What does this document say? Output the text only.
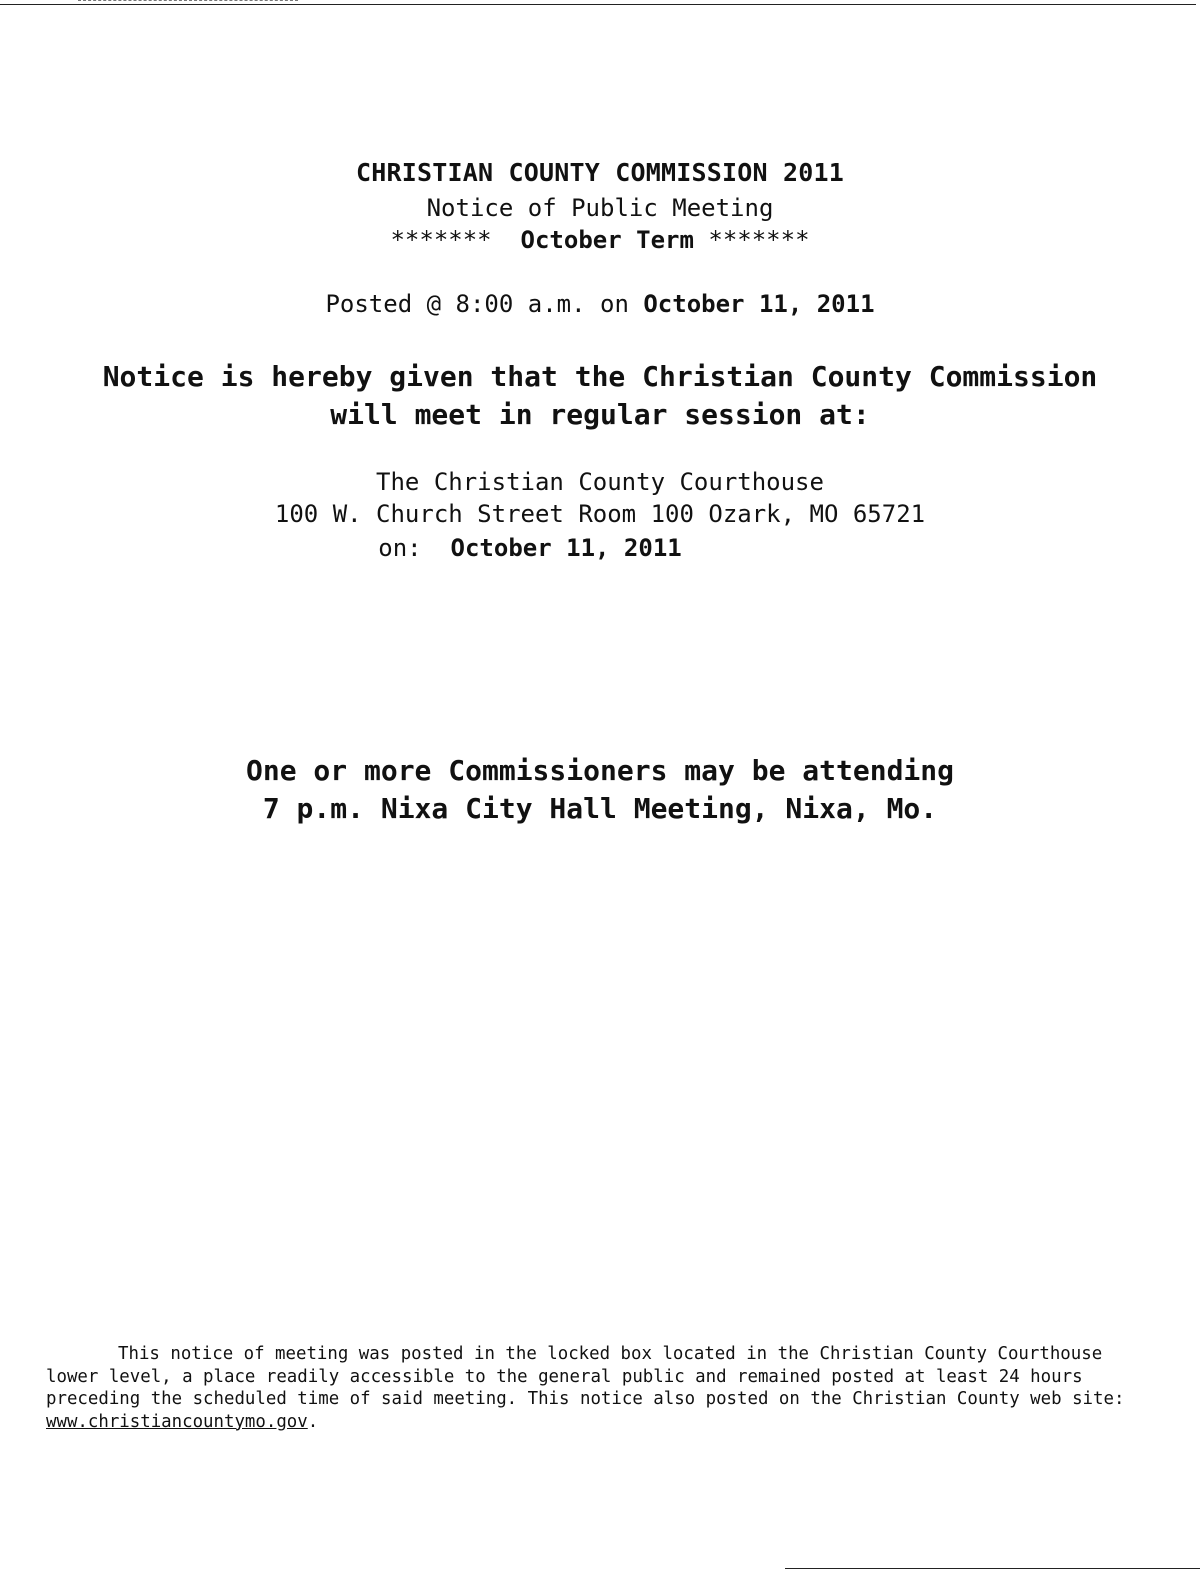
CHRISTIAN COUNTY COMMISSION 2011
Notice of Public Meeting
******* October Term *******
Posted @ 8:00 a.m. on October 11, 2011
Notice is hereby given that the Christian County Commission
will meet in regular session at:
The Christian County Courthouse
100 W. Church Street Room 100 Ozark, MO 65721
on: October 11, 2011
One or more Commissioners may be attending
7 p.m. Nixa City Hall Meeting, Nixa, Mo.
This notice of meeting was posted in the locked box located in the Christian County Courthouse lower level, a place readily accessible to the general public and remained posted at least 24 hours preceding the scheduled time of said meeting. This notice also posted on the Christian County web site: www.christiancountymo.gov.
